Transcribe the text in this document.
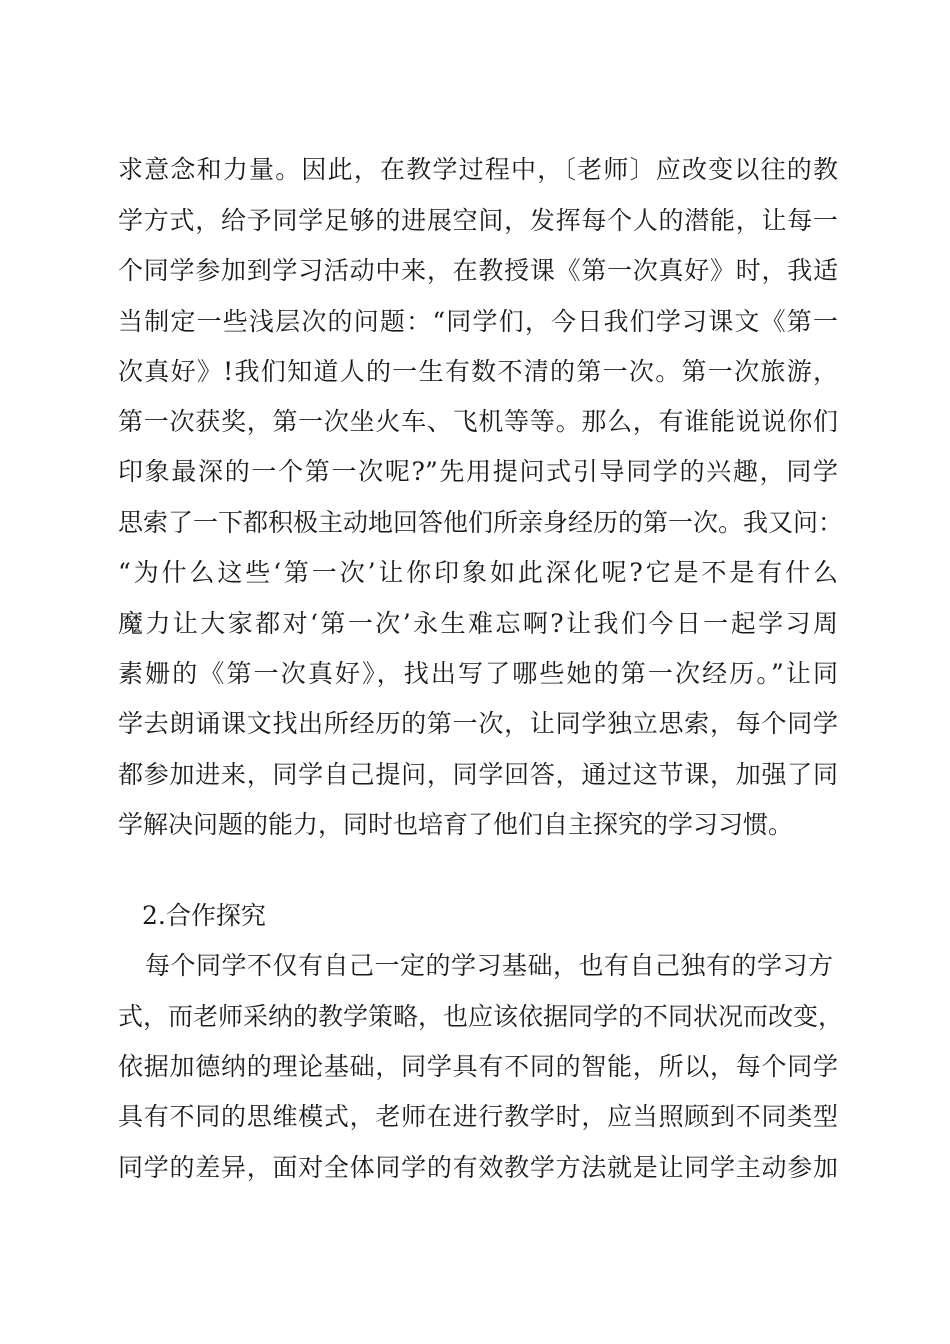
求意念和力量。因此，在教学过程中，〔老师〕应改变以往的教
学方式，给予同学足够的进展空间，发挥每个人的潜能，让每一
个同学参加到学习活动中来，在教授课《第一次真好》时，我适
当制定一些浅层次的问题：“同学们，今日我们学习课文《第一
次真好》!我们知道人的一生有数不清的第一次。第一次旅游，
第一次获奖，第一次坐火车、飞机等等。那么，有谁能说说你们
印象最深的一个第一次呢?”先用提问式引导同学的兴趣，同学
思索了一下都积极主动地回答他们所亲身经历的第一次。我又问：
“为什么这些‘第一次’让你印象如此深化呢?它是不是有什么
魔力让大家都对‘第一次’永生难忘啊?让我们今日一起学习周
素姗的《第一次真好》，找出写了哪些她的第一次经历。”让同
学去朗诵课文找出所经历的第一次，让同学独立思索，每个同学
都参加进来，同学自己提问，同学回答，通过这节课，加强了同
学解决问题的能力，同时也培育了他们自主探究的学习习惯。
2.合作探究
每个同学不仅有自己一定的学习基础，也有自己独有的学习方
式，而老师采纳的教学策略，也应该依据同学的不同状况而改变，
依据加德纳的理论基础，同学具有不同的智能，所以，每个同学
具有不同的思维模式，老师在进行教学时，应当照顾到不同类型
同学的差异，面对全体同学的有效教学方法就是让同学主动参加
